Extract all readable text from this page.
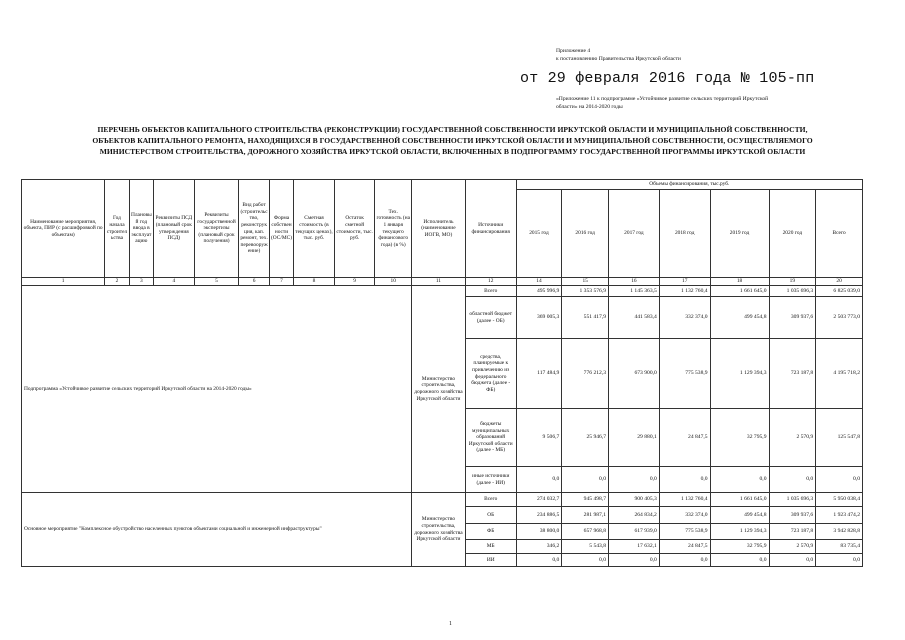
Приложение 4
к постановлению Правительства Иркутской области
от 29 февраля 2016 года № 105-пп
«Приложение 11 к подпрограмме «Устойчивое развитие сельских территорий Иркутской
области» на 2014-2020 годы
ПЕРЕЧЕНЬ ОБЪЕКТОВ КАПИТАЛЬНОГО СТРОИТЕЛЬСТВА (РЕКОНСТРУКЦИИ) ГОСУДАРСТВЕННОЙ СОБСТВЕННОСТИ ИРКУТСКОЙ ОБЛАСТИ И МУНИЦИПАЛЬНОЙ СОБСТВЕННОСТИ,
ОБЪЕКТОВ КАПИТАЛЬНОГО РЕМОНТА, НАХОДЯЩИХСЯ В ГОСУДАРСТВЕННОЙ СОБСТВЕННОСТИ ИРКУТСКОЙ ОБЛАСТИ И МУНИЦИПАЛЬНОЙ СОБСТВЕННОСТИ, ОСУЩЕСТВЛЯЕМОГО
МИНИСТЕРСТВОМ СТРОИТЕЛЬСТВА, ДОРОЖНОГО ХОЗЯЙСТВА ИРКУТСКОЙ ОБЛАСТИ, ВКЛЮЧЕННЫХ В ПОДПРОГРАММУ ГОСУДАРСТВЕННОЙ ПРОГРАММЫ ИРКУТСКОЙ ОБЛАСТИ
Наименование мероприятия, объекта, ПИР (с расшифровкой по объектам)	Год начала строительства	Плановый год ввода в эксплуатацию	Реквизиты ПСД (плановый срок утверждения ПСД)	Реквизиты государственной экспертизы (плановый срок получения)	Вид работ (строительство, реконструкция, кап. ремонт, тех. перевооружение)	Форма собственности (ОС/МС)	Сметная стоимость (в текущих ценах), тыс. руб.	Остаток сметной стоимости, тыс. руб.	Тех. готовность (на 1 января текущего финансового года) (в %)	Исполнитель (наименование ИОГВ, МО)	Источники финансирования	Объемы финансирования, тыс.руб.						
												2015 год	2016 год	2017 год	2018 год	2019 год	2020 год	Всего
1	2	3	4	5	6	7	8	9	10	11	12	14	15	16	17	18	19	20
Подпрограмма «Устойчивое развитие сельских территорий Иркутской области на 2014-2020 годы»										Министерство строительства, дорожного хозяйства Иркутской области	Всего	495 996,9	1 353 576,9	1 145 363,5	1 132 760,4	1 661 645,0	1 035 696,3	6 825 039,0
											областной бюджет (далее - ОБ)	369 005,3	551 417,9	441 583,4	332 374,0	499 454,8	309 937,6	2 503 773,0
											средства, планируемые к привлечению из федерального бюджета (далее - ФБ)	117 484,9	776 212,3	673 900,0	775 538,9	1 129 394,3	723 187,8	4 195 718,2
											бюджеты муниципальных образований Иркутской области (далее - МБ)	9 506,7	25 946,7	29 880,1	24 847,5	32 795,9	2 570,9	125 547,8
											иные источники (далее - ИИ)	0,0	0,0	0,0	0,0	0,0	0,0	0,0
Основное мероприятие "Комплексное обустройство населенных пунктов объектами социальной и инженерной инфраструктуры"										Министерство строительства, дорожного хозяйства Иркутской области	Всего	274 032,7	945 498,7	900 405,3	1 132 760,4	1 661 645,0	1 035 696,3	5 950 038,4
											ОБ	234 886,5	281 987,1	264 834,2	332 374,0	499 454,8	309 937,6	1 923 474,2
											ФБ	38 800,0	657 968,8	617 939,0	775 538,9	1 129 394,3	723 187,8	3 942 828,8
											МБ	346,2	5 543,8	17 632,1	24 847,5	32 795,9	2 570,9	83 735,4
											ИИ	0,0	0,0	0,0	0,0	0,0	0,0	0,0
1
